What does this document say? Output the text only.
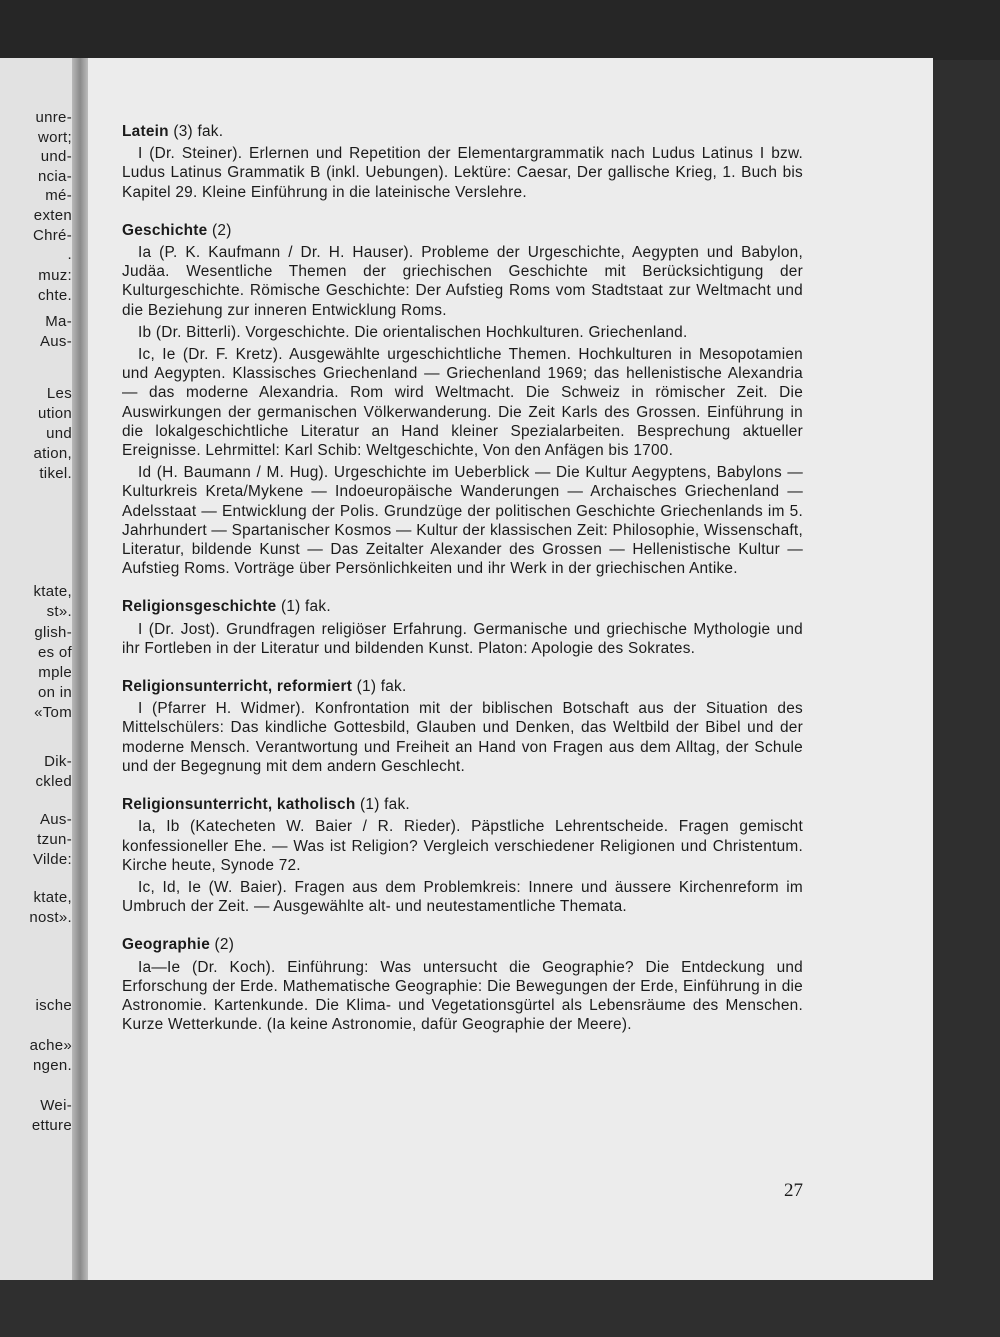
unre-
wort;
und-
ncia-
mé-
exten
Chré-
.
muz:
chte.
Ma-
Aus-
Les
ution
und
ation,
tikel.
ktate,
st».
glish-
es of
mple
on in
«Tom
Dik-
ckled
Aus-
tzun-
Vilde:
ktate,
nost».
ische
ache»
ngen.
Wei-
etture

Latein (3) fak.

I (Dr. Steiner). Erlernen und Repetition der Elementargrammatik nach Ludus Latinus I bzw. Ludus Latinus Grammatik B (inkl. Uebungen). Lektüre: Caesar, Der gallische Krieg, 1. Buch bis Kapitel 29. Kleine Einführung in die lateinische Verslehre.

Geschichte (2)

Ia (P. K. Kaufmann / Dr. H. Hauser). Probleme der Urgeschichte, Aegypten und Babylon, Judäa. Wesentliche Themen der griechischen Geschichte mit Berücksichtigung der Kulturgeschichte. Römische Geschichte: Der Aufstieg Roms vom Stadtstaat zur Weltmacht und die Beziehung zur inneren Entwicklung Roms.

Ib (Dr. Bitterli). Vorgeschichte. Die orientalischen Hochkulturen. Griechenland.

Ic, Ie (Dr. F. Kretz). Ausgewählte urgeschichtliche Themen. Hochkulturen in Mesopotamien und Aegypten. Klassisches Griechenland — Griechenland 1969; das hellenistische Alexandria — das moderne Alexandria. Rom wird Weltmacht. Die Schweiz in römischer Zeit. Die Auswirkungen der germanischen Völkerwanderung. Die Zeit Karls des Grossen. Einführung in die lokalgeschichtliche Literatur an Hand kleiner Spezialarbeiten. Besprechung aktueller Ereignisse. Lehrmittel: Karl Schib: Weltgeschichte, Von den Anfägen bis 1700.

Id (H. Baumann / M. Hug). Urgeschichte im Ueberblick — Die Kultur Aegyptens, Babylons — Kulturkreis Kreta/Mykene — Indoeuropäische Wanderungen — Archaisches Griechenland — Adelsstaat — Entwicklung der Polis. Grundzüge der politischen Geschichte Griechenlands im 5. Jahrhundert — Spartanischer Kosmos — Kultur der klassischen Zeit: Philosophie, Wissenschaft, Literatur, bildende Kunst — Das Zeitalter Alexander des Grossen — Hellenistische Kultur — Aufstieg Roms. Vorträge über Persönlichkeiten und ihr Werk in der griechischen Antike.

Religionsgeschichte (1) fak.

I (Dr. Jost). Grundfragen religiöser Erfahrung. Germanische und griechische Mythologie und ihr Fortleben in der Literatur und bildenden Kunst. Platon: Apologie des Sokrates.

Religionsunterricht, reformiert (1) fak.

I (Pfarrer H. Widmer). Konfrontation mit der biblischen Botschaft aus der Situation des Mittelschülers: Das kindliche Gottesbild, Glauben und Denken, das Weltbild der Bibel und der moderne Mensch. Verantwortung und Freiheit an Hand von Fragen aus dem Alltag, der Schule und der Begegnung mit dem andern Geschlecht.

Religionsunterricht, katholisch (1) fak.

Ia, Ib (Katecheten W. Baier / R. Rieder). Päpstliche Lehrentscheide. Fragen gemischt konfessioneller Ehe. — Was ist Religion? Vergleich verschiedener Religionen und Christentum. Kirche heute, Synode 72.

Ic, Id, Ie (W. Baier). Fragen aus dem Problemkreis: Innere und äussere Kirchenreform im Umbruch der Zeit. — Ausgewählte alt- und neutestamentliche Themata.

Geographie (2)

Ia—Ie (Dr. Koch). Einführung: Was untersucht die Geographie? Die Entdeckung und Erforschung der Erde. Mathematische Geographie: Die Bewegungen der Erde, Einführung in die Astronomie. Kartenkunde. Die Klima- und Vegetationsgürtel als Lebensräume des Menschen. Kurze Wetterkunde. (Ia keine Astronomie, dafür Geographie der Meere).

27
